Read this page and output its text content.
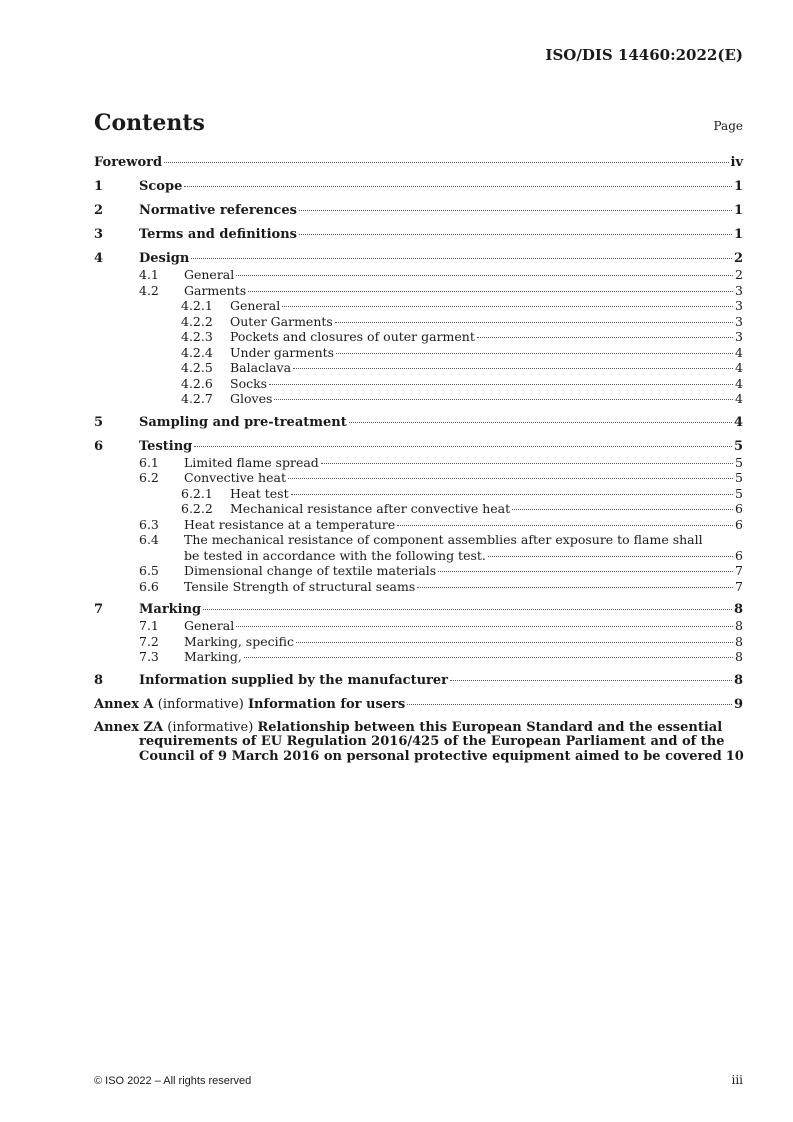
ISO/DIS 14460:2022(E)
Contents	Page
Foreword	iv
1	Scope	1
2	Normative references	1
3	Terms and definitions	1
4	Design	2
4.1	General	2
4.2	Garments	3
4.2.1	General	3
4.2.2	Outer Garments	3
4.2.3	Pockets and closures of outer garment	3
4.2.4	Under garments	4
4.2.5	Balaclava	4
4.2.6	Socks	4
4.2.7	Gloves	4
5	Sampling and pre-treatment	4
6	Testing	5
6.1	Limited flame spread	5
6.2	Convective heat	5
6.2.1	Heat test	5
6.2.2	Mechanical resistance after convective heat	6
6.3	Heat resistance at a temperature	6
6.4	The mechanical resistance of component assemblies after exposure to flame shall
be tested in accordance with the following test.	6
6.5	Dimensional change of textile materials	7
6.6	Tensile Strength of structural seams	7
7	Marking	8
7.1	General	8
7.2	Marking, specific	8
7.3	Marking,	8
8	Information supplied by the manufacturer	8
Annex A (informative) Information for users	9
Annex ZA (informative) Relationship between this European Standard and the essential
requirements of EU Regulation 2016/425 of the European Parliament and of the
Council of 9 March 2016 on personal protective equipment aimed to be covered 10
© ISO 2022 – All rights reserved	iii
